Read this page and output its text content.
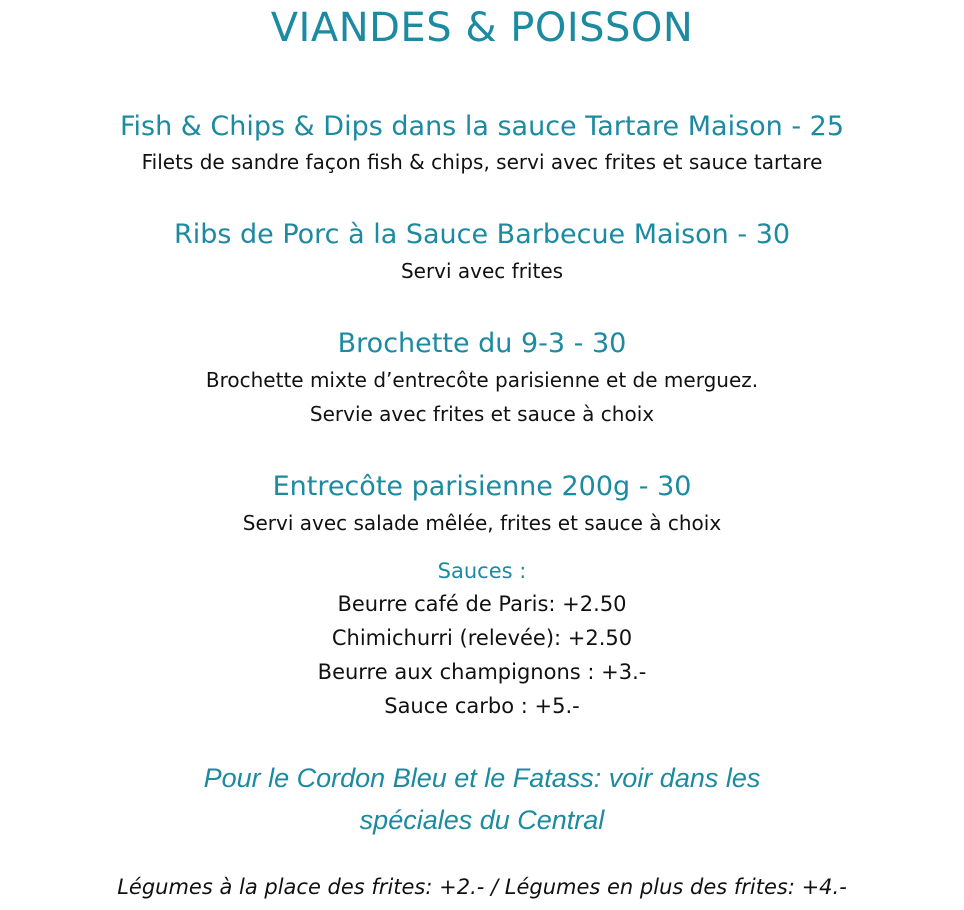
VIANDES & POISSON
Fish & Chips & Dips dans la sauce Tartare Maison - 25
Filets de sandre façon fish & chips, servi avec frites et sauce tartare
Ribs de Porc à la Sauce Barbecue Maison - 30
Servi avec frites
Brochette du 9-3 - 30
Brochette mixte d’entrecôte parisienne et de merguez.
Servie avec frites et sauce à choix
Entrecôte parisienne 200g - 30
Servi avec salade mêlée, frites et sauce à choix
Sauces :
Beurre café de Paris: +2.50
Chimichurri (relevée): +2.50
Beurre aux champignons : +3.-
Sauce carbo : +5.-
Pour le Cordon Bleu et le Fatass: voir dans les
spéciales du Central
Légumes à la place des frites: +2.- / Légumes en plus des frites: +4.-
